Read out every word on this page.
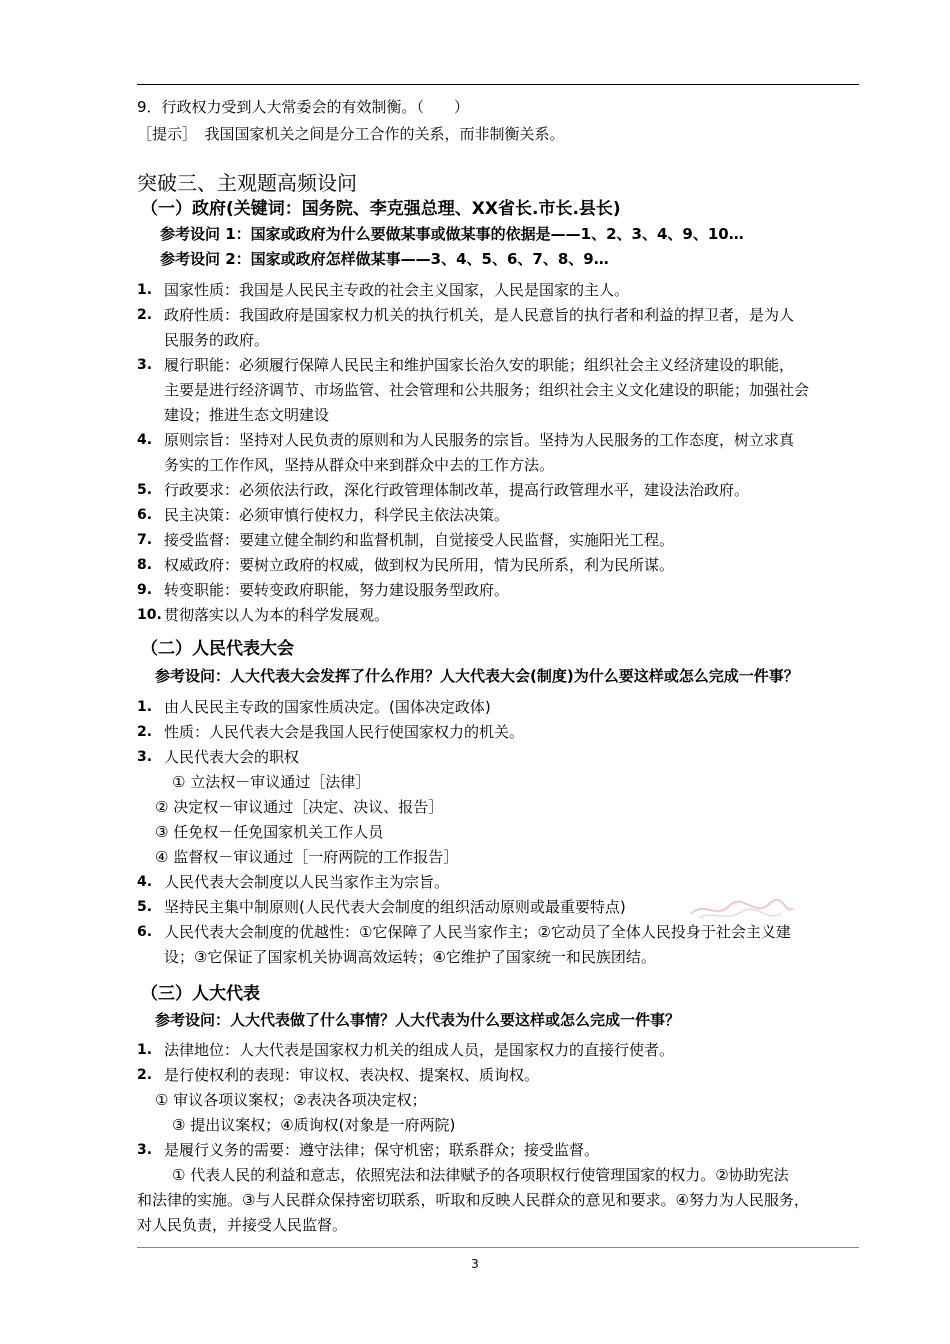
9．行政权力受到人大常委会的有效制衡。（　　）
［提示］　我国国家机关之间是分工合作的关系，而非制衡关系。
突破三、主观题高频设问
（一）政府(关键词：国务院、李克强总理、XX省长.市长.县长)
参考设问 1：国家或政府为什么要做某事或做某事的依据是——1、2、3、4、9、10…
参考设问 2：国家或政府怎样做某事——3、4、5、6、7、8、9…
1. 国家性质：我国是人民民主专政的社会主义国家，人民是国家的主人。
2. 政府性质：我国政府是国家权力机关的执行机关，是人民意旨的执行者和利益的捍卫者，是为人
民服务的政府。
3. 履行职能：必须履行保障人民民主和维护国家长治久安的职能；组织社会主义经济建设的职能，
主要是进行经济调节、市场监管、社会管理和公共服务；组织社会主义文化建设的职能；加强社会
建设；推进生态文明建设
4. 原则宗旨：坚持对人民负责的原则和为人民服务的宗旨。坚持为人民服务的工作态度，树立求真
务实的工作作风，坚持从群众中来到群众中去的工作方法。
5. 行政要求：必须依法行政，深化行政管理体制改革，提高行政管理水平，建设法治政府。
6. 民主决策：必须审慎行使权力，科学民主依法决策。
7. 接受监督：要建立健全制约和监督机制，自觉接受人民监督，实施阳光工程。
8. 权威政府：要树立政府的权威，做到权为民所用，情为民所系，利为民所谋。
9. 转变职能：要转变政府职能，努力建设服务型政府。
10. 贯彻落实以人为本的科学发展观。
（二）人民代表大会
参考设问：人大代表大会发挥了什么作用？人大代表大会(制度)为什么要这样或怎么完成一件事？
1. 由人民民主专政的国家性质决定。(国体决定政体)
2. 性质：人民代表大会是我国人民行使国家权力的机关。
3. 人民代表大会的职权
① 立法权－审议通过［法律］
② 决定权－审议通过［决定、决议、报告］
③ 任免权－任免国家机关工作人员
④ 监督权－审议通过［一府两院的工作报告］
4. 人民代表大会制度以人民当家作主为宗旨。
5. 坚持民主集中制原则(人民代表大会制度的组织活动原则或最重要特点)
6. 人民代表大会制度的优越性：①它保障了人民当家作主；②它动员了全体人民投身于社会主义建
设；③它保证了国家机关协调高效运转；④它维护了国家统一和民族团结。
（三）人大代表
参考设问：人大代表做了什么事情？人大代表为什么要这样或怎么完成一件事？
1. 法律地位：人大代表是国家权力机关的组成人员，是国家权力的直接行使者。
2. 是行使权利的表现：审议权、表决权、提案权、质询权。
① 审议各项议案权；②表决各项决定权；
③ 提出议案权；④质询权(对象是一府两院)
3. 是履行义务的需要：遵守法律；保守机密；联系群众；接受监督。
① 代表人民的利益和意志，依照宪法和法律赋予的各项职权行使管理国家的权力。②协助宪法
和法律的实施。③与人民群众保持密切联系，听取和反映人民群众的意见和要求。④努力为人民服务，
对人民负责，并接受人民监督。
3
